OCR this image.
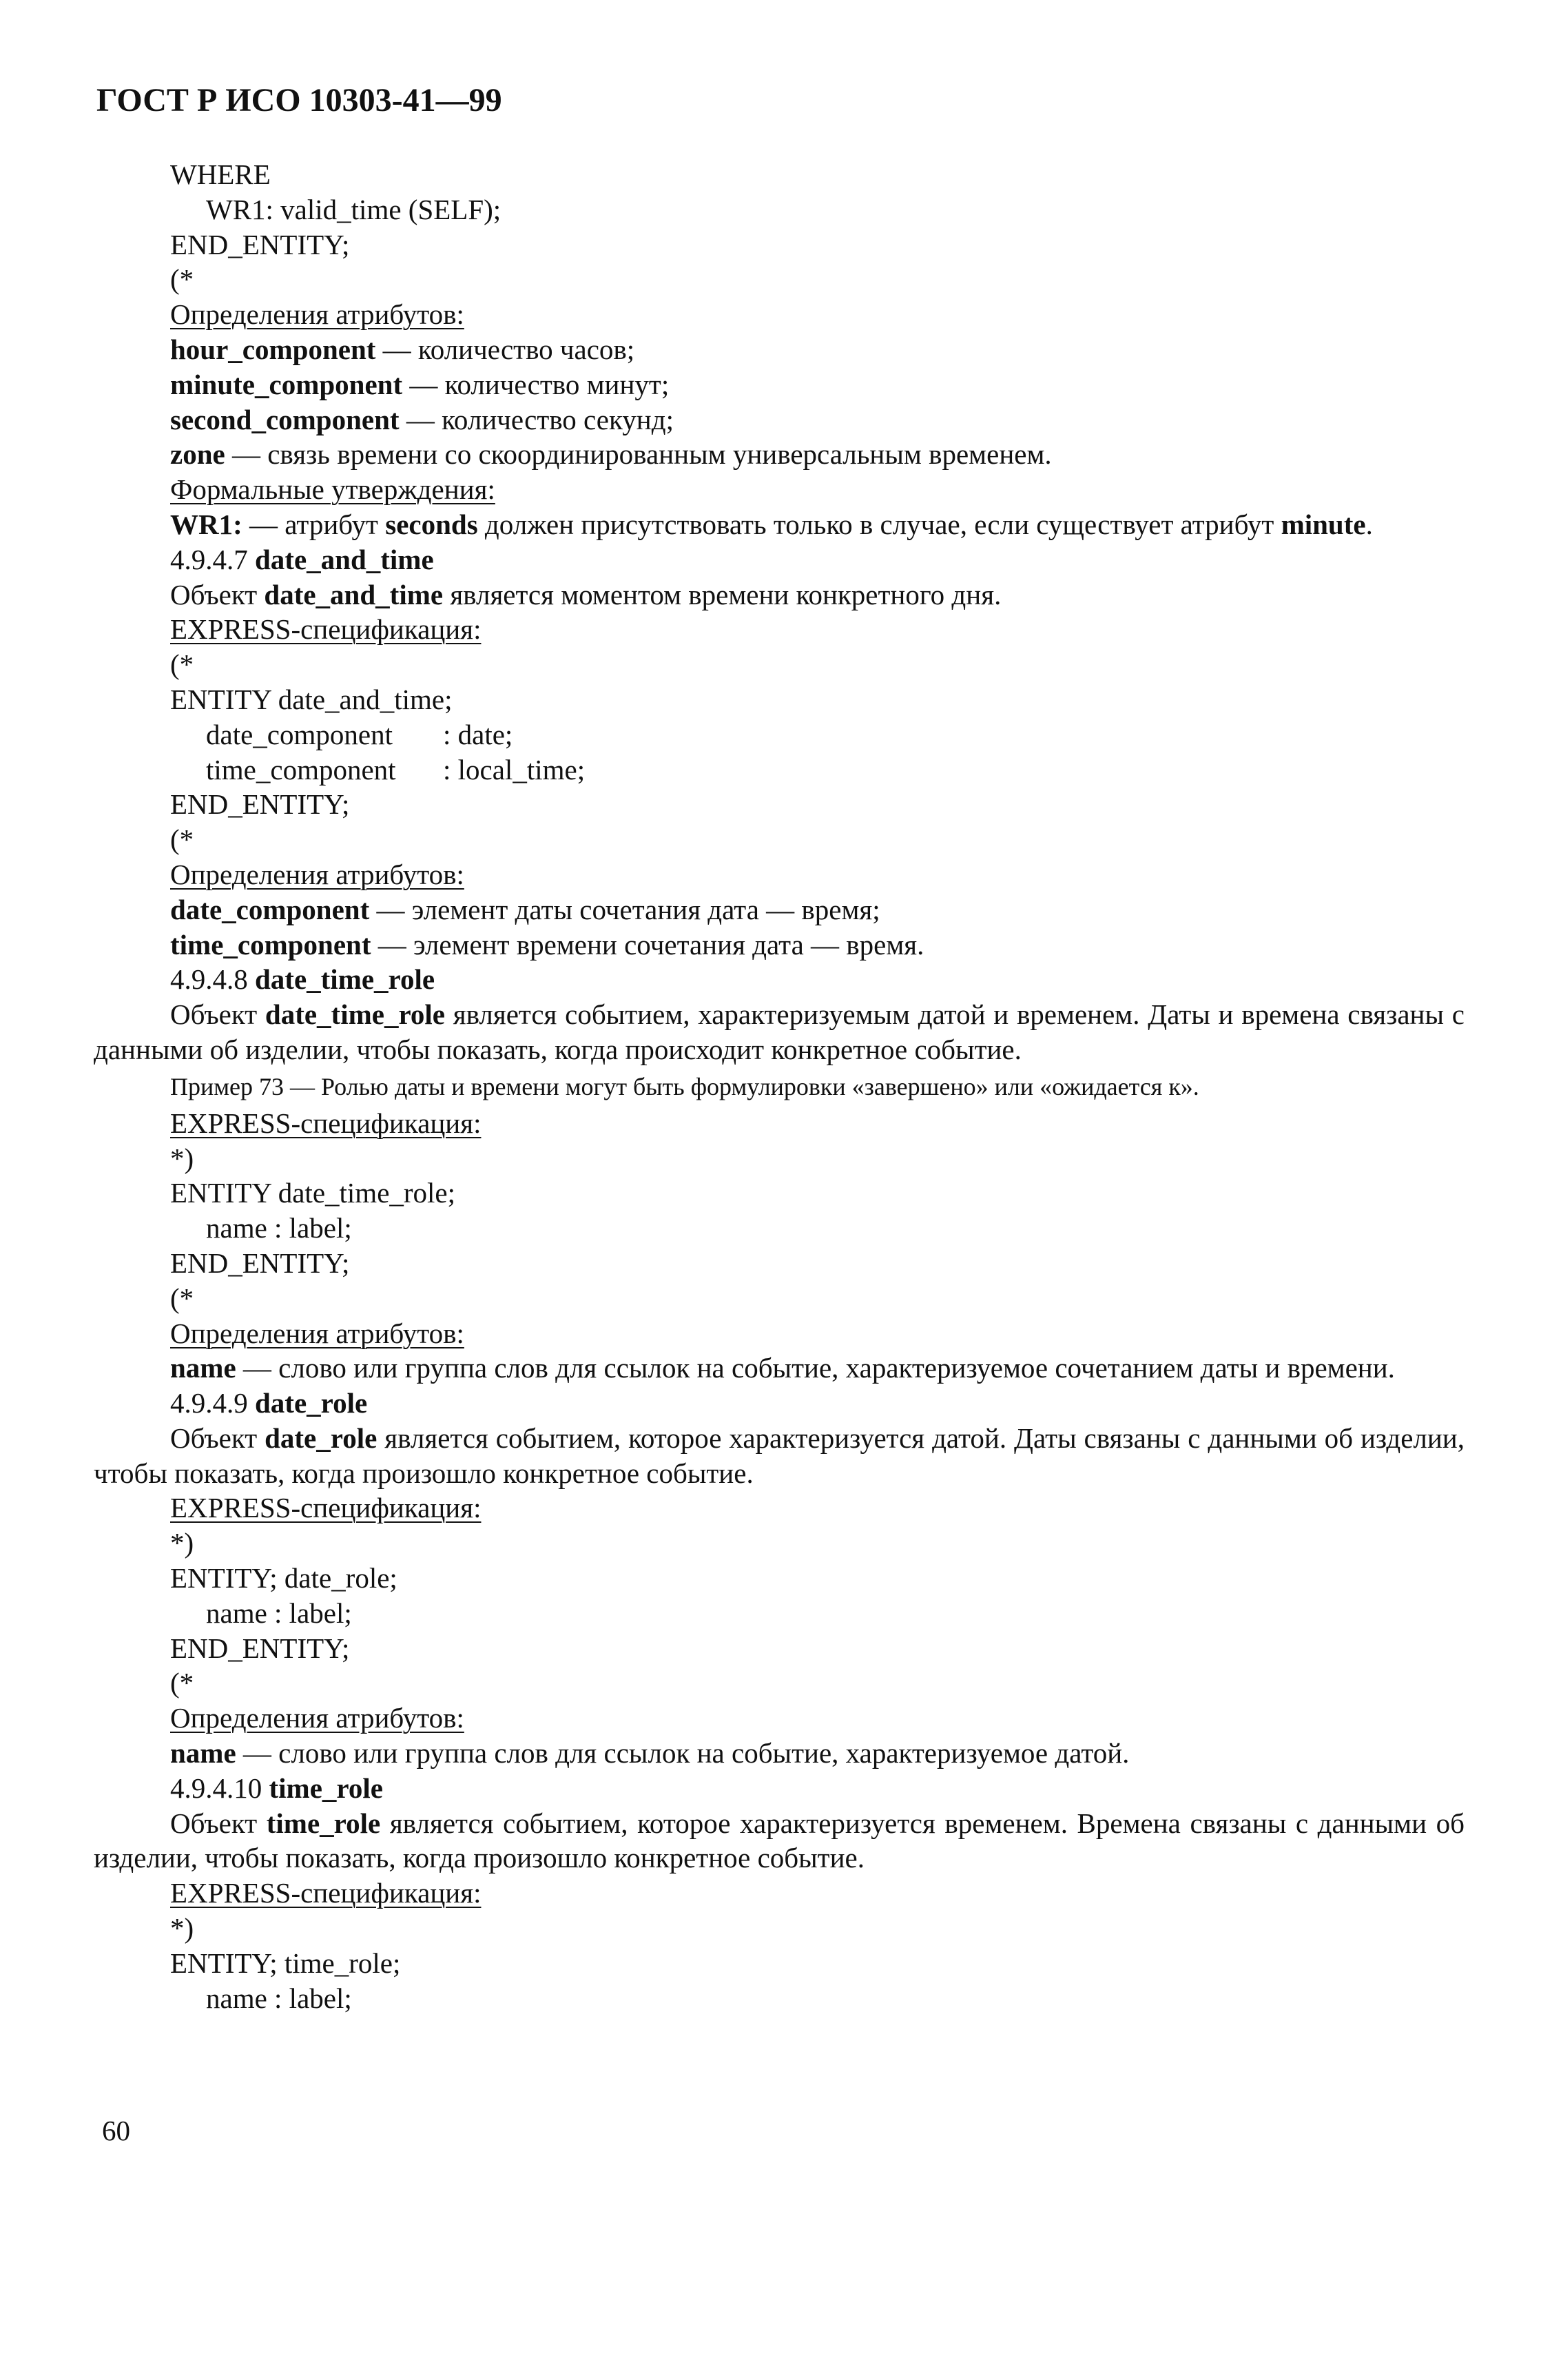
ГОСТ Р ИСО 10303-41—99
WHERE
WR1: valid_time (SELF);
END_ENTITY;
(*
Определения атрибутов:
hour_component — количество часов;
minute_component — количество минут;
second_component — количество секунд;
zone — связь времени со скоординированным универсальным временем.
Формальные утверждения:
WR1: — атрибут seconds должен присутствовать только в случае, если существует атрибут minute.
4.9.4.7 date_and_time
Объект date_and_time является моментом времени конкретного дня.
EXPRESS-спецификация:
(*
ENTITY date_and_time;
date_component : date;
time_component : local_time;
END_ENTITY;
(*
Определения атрибутов:
date_component — элемент даты сочетания дата — время;
time_component — элемент времени сочетания дата — время.
4.9.4.8 date_time_role
Объект date_time_role является событием, характеризуемым датой и временем. Даты и времена связаны с данными об изделии, чтобы показать, когда происходит конкретное событие.
Пример 73 — Ролью даты и времени могут быть формулировки «завершено» или «ожидается к».
EXPRESS-спецификация:
*)
ENTITY date_time_role;
name : label;
END_ENTITY;
(*
Определения атрибутов:
name — слово или группа слов для ссылок на событие, характеризуемое сочетанием даты и времени.
4.9.4.9 date_role
Объект date_role является событием, которое характеризуется датой. Даты связаны с данными об изделии, чтобы показать, когда произошло конкретное событие.
EXPRESS-спецификация:
*)
ENTITY; date_role;
name : label;
END_ENTITY;
(*
Определения атрибутов:
name — слово или группа слов для ссылок на событие, характеризуемое датой.
4.9.4.10 time_role
Объект time_role является событием, которое характеризуется временем. Времена связаны с данными об изделии, чтобы показать, когда произошло конкретное событие.
EXPRESS-спецификация:
*)
ENTITY; time_role;
name : label;
60
